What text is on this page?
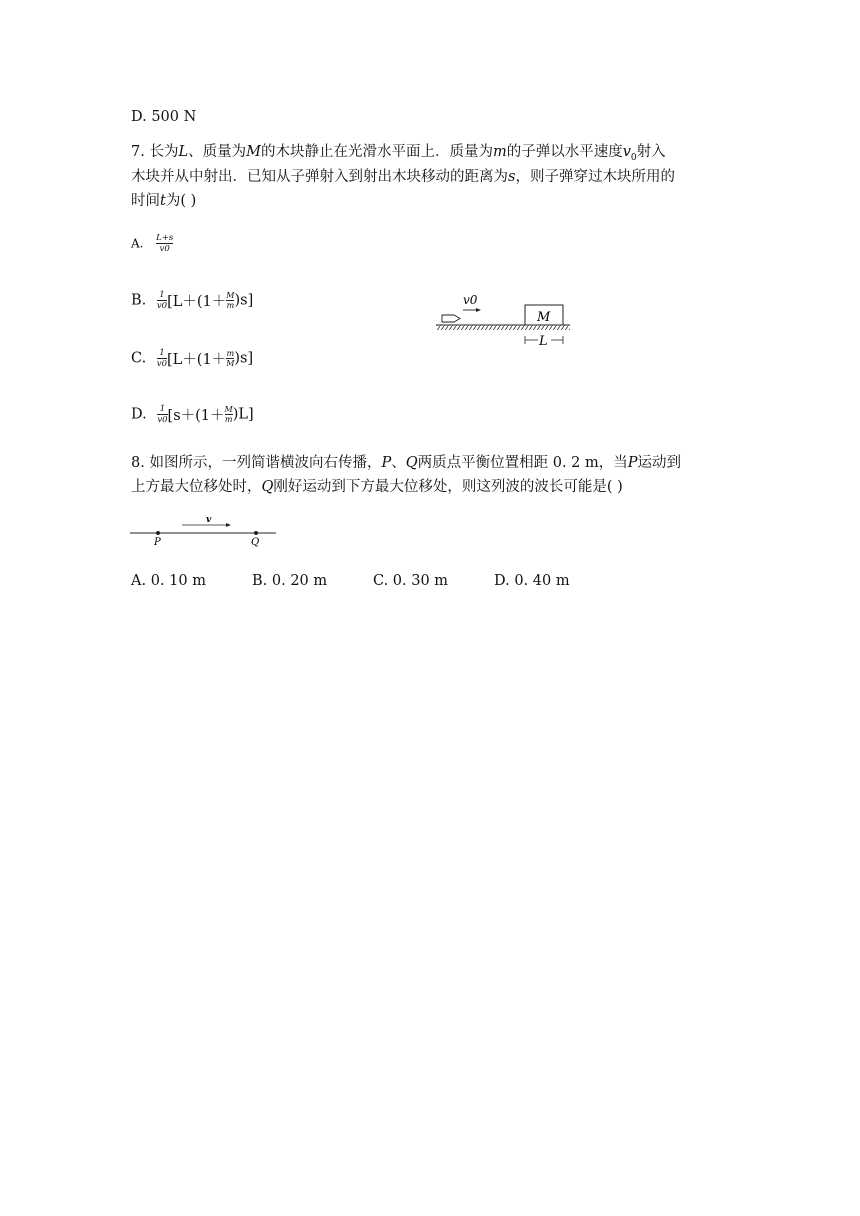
D. 500 N
7. 长为L、质量为M的木块静止在光滑水平面上．质量为m的子弹以水平速度$v_0$射入
木块并从中射出．已知从子弹射入到射出木块移动的距离为s，则子弹穿过木块所用的
时间t为( )
A. $\frac{L+s}{v0}$
B. $\frac{1}{v0} [L+(1+ \frac{M}{m} )s]$
C. $\frac{1}{v0} [L+(1+ \frac{m}{M} )s]$
D. $\frac{1}{v0} [s+(1+ \frac{M}{m} )L]$
v0
M
L
8. 如图所示，一列简谐横波向右传播，P、Q两质点平衡位置相距 0. 2 m，当P运动到
上方最大位移处时，Q刚好运动到下方最大位移处，则这列波的波长可能是( )
v
P	Q
A. 0. 10 m	B. 0. 20 m	C. 0. 30 m	D. 0. 40 m
